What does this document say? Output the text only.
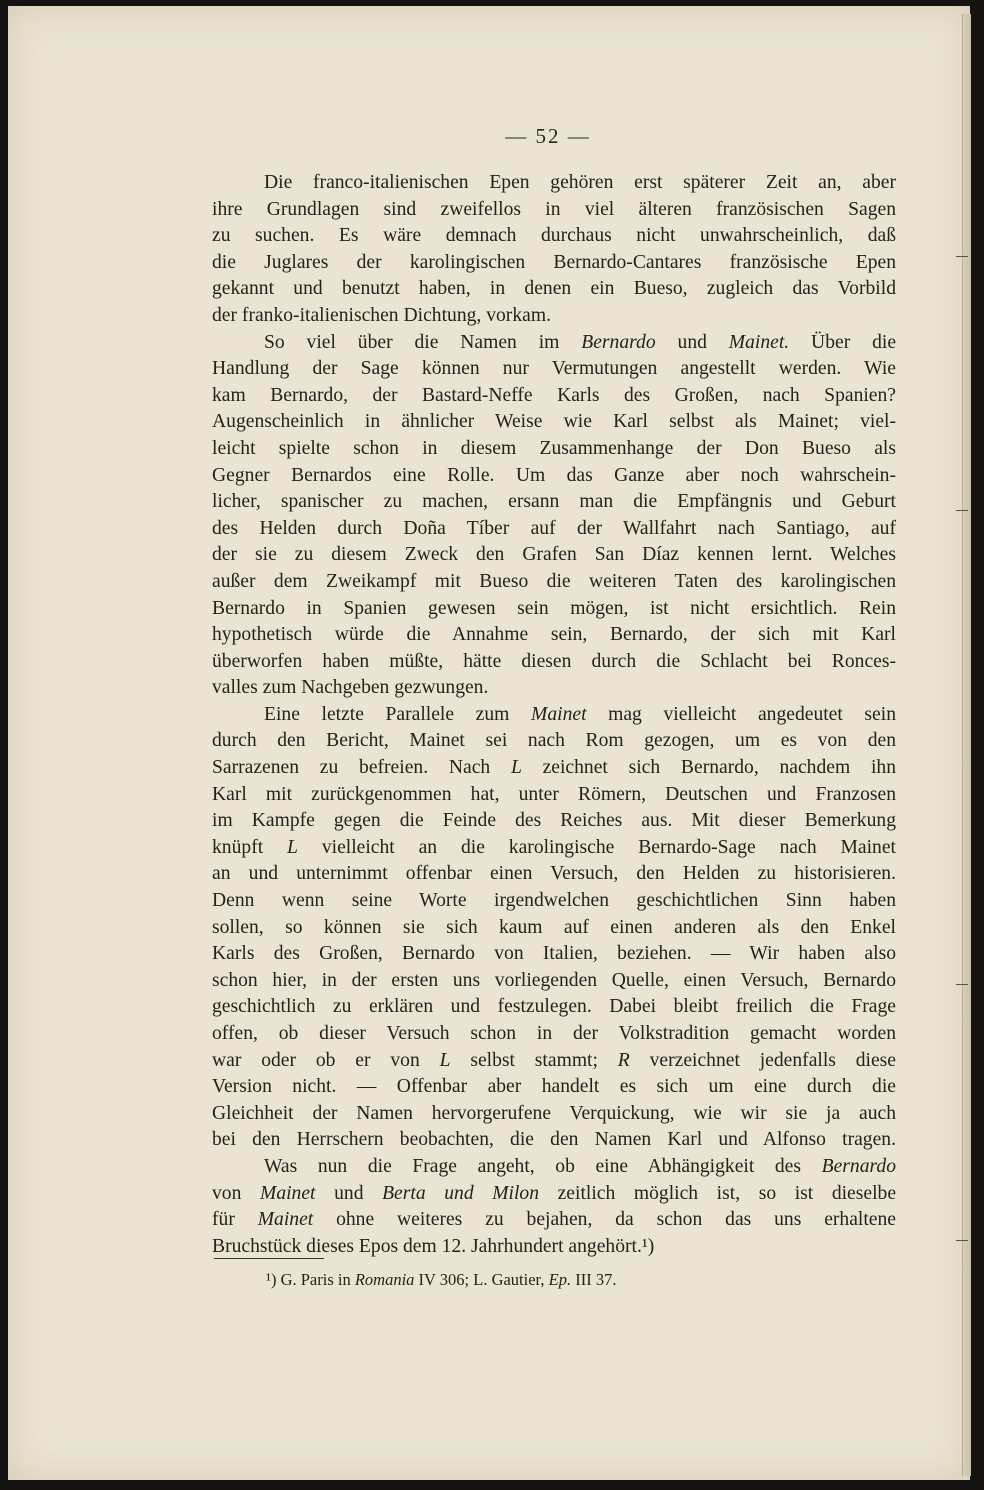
— 52 —
Die franco-italienischen Epen gehören erst späterer Zeit an, aber
ihre Grundlagen sind zweifellos in viel älteren französischen Sagen
zu suchen. Es wäre demnach durchaus nicht unwahrscheinlich, daß
die Juglares der karolingischen Bernardo-Cantares französische Epen
gekannt und benutzt haben, in denen ein Bueso, zugleich das Vorbild
der franko-italienischen Dichtung, vorkam.
So viel über die Namen im Bernardo und Mainet. Über die
Handlung der Sage können nur Vermutungen angestellt werden. Wie
kam Bernardo, der Bastard-Neffe Karls des Großen, nach Spanien?
Augenscheinlich in ähnlicher Weise wie Karl selbst als Mainet; viel-
leicht spielte schon in diesem Zusammenhange der Don Bueso als
Gegner Bernardos eine Rolle. Um das Ganze aber noch wahrschein-
licher, spanischer zu machen, ersann man die Empfängnis und Geburt
des Helden durch Doña Tíber auf der Wallfahrt nach Santiago, auf
der sie zu diesem Zweck den Grafen San Díaz kennen lernt. Welches
außer dem Zweikampf mit Bueso die weiteren Taten des karolingischen
Bernardo in Spanien gewesen sein mögen, ist nicht ersichtlich. Rein
hypothetisch würde die Annahme sein, Bernardo, der sich mit Karl
überworfen haben müßte, hätte diesen durch die Schlacht bei Ronces-
valles zum Nachgeben gezwungen.
Eine letzte Parallele zum Mainet mag vielleicht angedeutet sein
durch den Bericht, Mainet sei nach Rom gezogen, um es von den
Sarrazenen zu befreien. Nach L zeichnet sich Bernardo, nachdem ihn
Karl mit zurückgenommen hat, unter Römern, Deutschen und Franzosen
im Kampfe gegen die Feinde des Reiches aus. Mit dieser Bemerkung
knüpft L vielleicht an die karolingische Bernardo-Sage nach Mainet
an und unternimmt offenbar einen Versuch, den Helden zu historisieren.
Denn wenn seine Worte irgendwelchen geschichtlichen Sinn haben
sollen, so können sie sich kaum auf einen anderen als den Enkel
Karls des Großen, Bernardo von Italien, beziehen. — Wir haben also
schon hier, in der ersten uns vorliegenden Quelle, einen Versuch, Bernardo
geschichtlich zu erklären und festzulegen. Dabei bleibt freilich die Frage
offen, ob dieser Versuch schon in der Volkstradition gemacht worden
war oder ob er von L selbst stammt; R verzeichnet jedenfalls diese
Version nicht. — Offenbar aber handelt es sich um eine durch die
Gleichheit der Namen hervorgerufene Verquickung, wie wir sie ja auch
bei den Herrschern beobachten, die den Namen Karl und Alfonso tragen.
Was nun die Frage angeht, ob eine Abhängigkeit des Bernardo
von Mainet und Berta und Milon zeitlich möglich ist, so ist dieselbe
für Mainet ohne weiteres zu bejahen, da schon das uns erhaltene
Bruchstück dieses Epos dem 12. Jahrhundert angehört.¹)
¹) G. Paris in Romania IV 306; L. Gautier, Ep. III 37.
